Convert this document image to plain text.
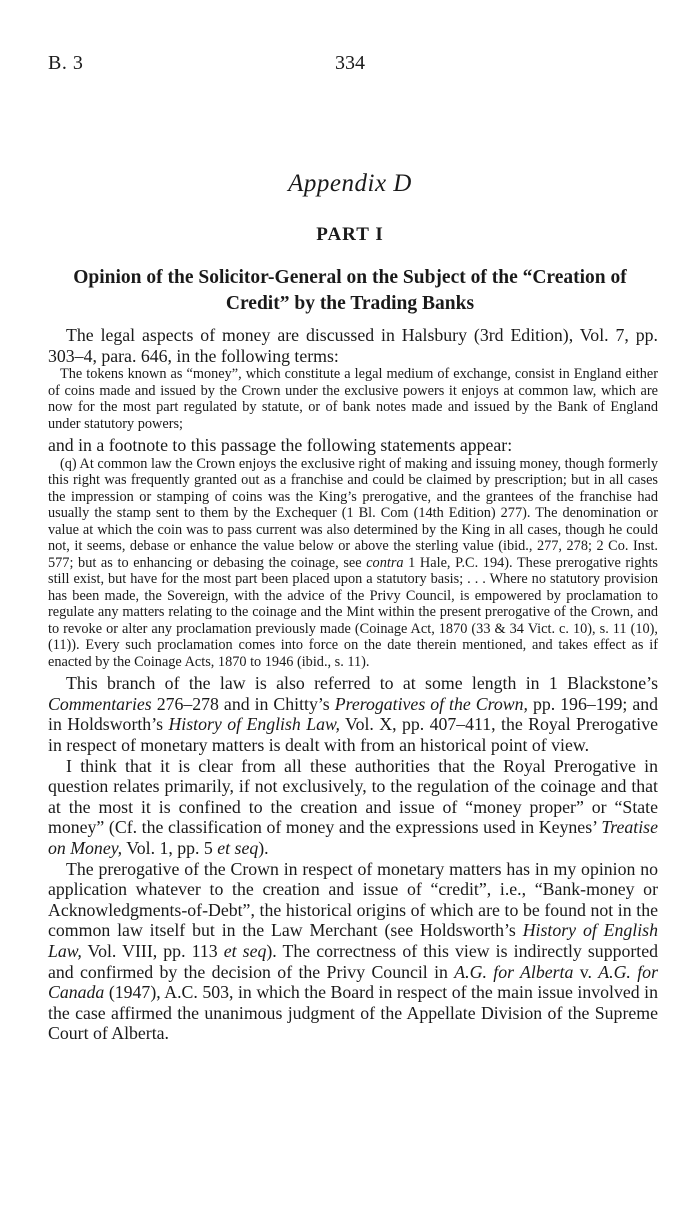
B. 3	334
Appendix D
PART I
Opinion of the Solicitor-General on the Subject of the “Creation of
Credit” by the Trading Banks

The legal aspects of money are discussed in Halsbury (3rd Edition), Vol. 7, pp. 303–4, para. 646, in the following terms:

The tokens known as “money”, which constitute a legal medium of exchange, consist in England either of coins made and issued by the Crown under the exclusive powers it enjoys at common law, which are now for the most part regulated by statute, or of bank notes made and issued by the Bank of England under statutory powers;

and in a footnote to this passage the following statements appear:

(q) At common law the Crown enjoys the exclusive right of making and issuing money, though formerly this right was frequently granted out as a franchise and could be claimed by prescription; but in all cases the impression or stamping of coins was the King’s prerogative, and the grantees of the franchise had usually the stamp sent to them by the Exchequer (1 Bl. Com (14th Edition) 277). The denomination or value at which the coin was to pass current was also determined by the King in all cases, though he could not, it seems, debase or enhance the value below or above the sterling value (ibid., 277, 278; 2 Co. Inst. 577; but as to enhancing or debasing the coinage, see contra 1 Hale, P.C. 194). These prerogative rights still exist, but have for the most part been placed upon a statutory basis; . . . Where no statutory provision has been made, the Sovereign, with the advice of the Privy Council, is empowered by proclamation to regulate any matters relating to the coinage and the Mint within the present prerogative of the Crown, and to revoke or alter any proclamation previously made (Coinage Act, 1870 (33 & 34 Vict. c. 10), s. 11 (10), (11)). Every such proclamation comes into force on the date therein mentioned, and takes effect as if enacted by the Coinage Acts, 1870 to 1946 (ibid., s. 11).

This branch of the law is also referred to at some length in 1 Blackstone’s Commentaries 276–278 and in Chitty’s Prerogatives of the Crown, pp. 196–199; and in Holdsworth’s History of English Law, Vol. X, pp. 407–411, the Royal Prerogative in respect of monetary matters is dealt with from an historical point of view.

I think that it is clear from all these authorities that the Royal Prerogative in question relates primarily, if not exclusively, to the regulation of the coinage and that at the most it is confined to the creation and issue of “money proper” or “State money” (Cf. the classification of money and the expressions used in Keynes’ Treatise on Money, Vol. 1, pp. 5 et seq).

The prerogative of the Crown in respect of monetary matters has in my opinion no application whatever to the creation and issue of “credit”, i.e., “Bank-money or Acknowledgments-of-Debt”, the historical origins of which are to be found not in the common law itself but in the Law Merchant (see Holdsworth’s History of English Law, Vol. VIII, pp. 113 et seq). The correctness of this view is indirectly supported and confirmed by the decision of the Privy Council in A.G. for Alberta v. A.G. for Canada (1947), A.C. 503, in which the Board in respect of the main issue involved in the case affirmed the unanimous judgment of the Appellate Division of the Supreme Court of Alberta.
